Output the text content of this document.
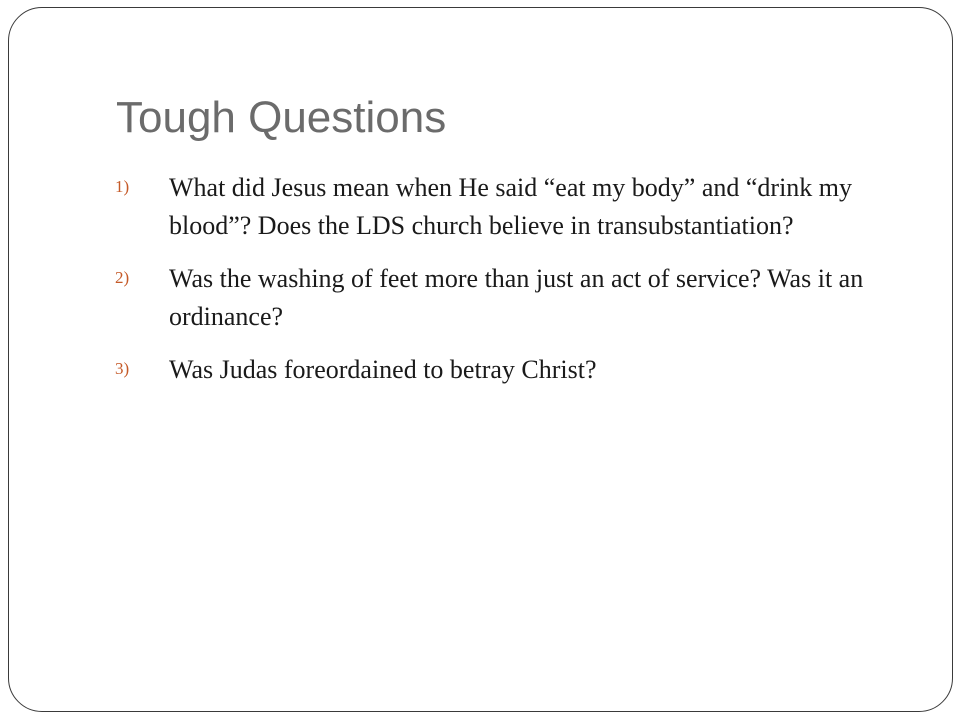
Tough Questions
1)	What did Jesus mean when He said “eat my body” and “drink my blood”? Does the LDS church believe in transubstantiation?
2)	Was the washing of feet more than just an act of service? Was it an ordinance?
3)	Was Judas foreordained to betray Christ?
